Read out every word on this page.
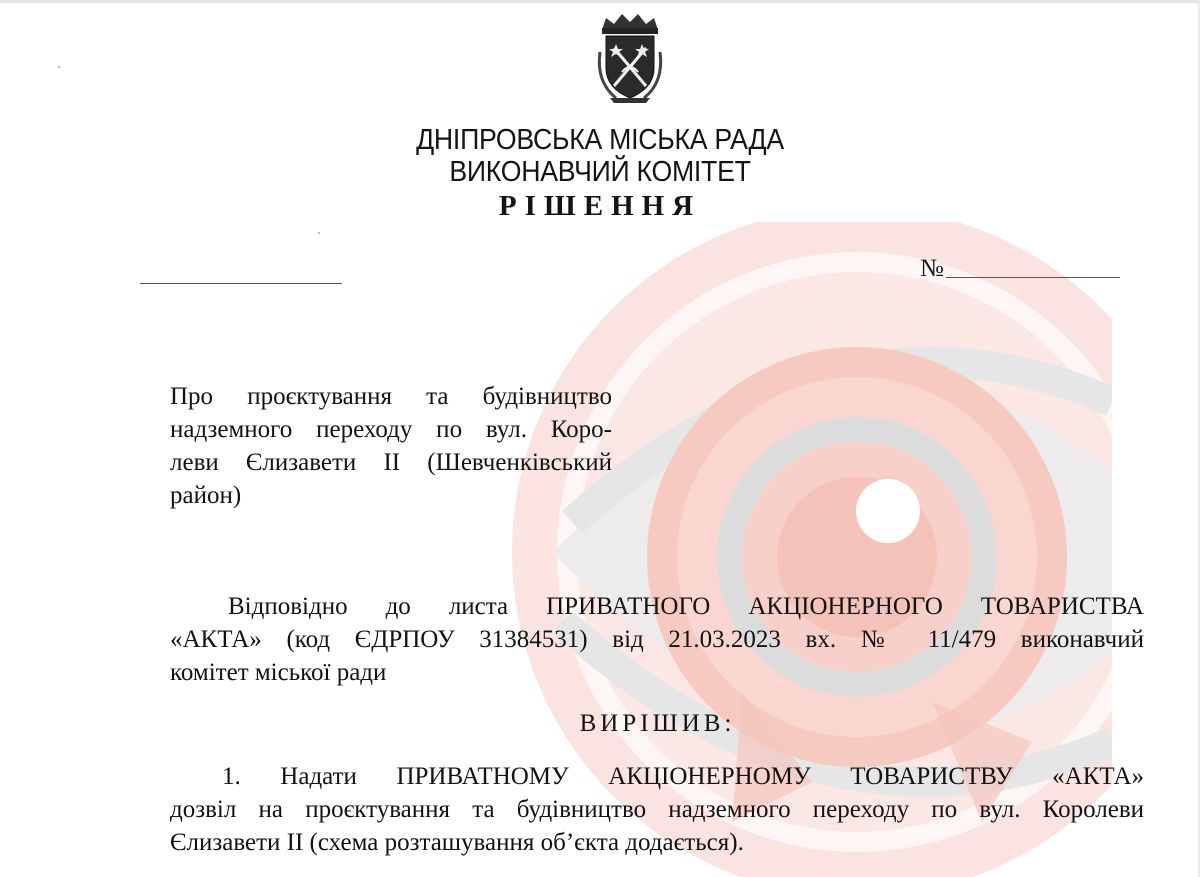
ДНІПРОВСЬКА МІСЬКА РАДА
ВИКОНАВЧИЙ КОМІТЕТ
РІШЕННЯ
№
Про проєктування та будівництво
надземного переходу по вул. Коро-
леви Єлизавети ІІ (Шевченківський
район)
Відповідно до листа ПРИВАТНОГО АКЦІОНЕРНОГО ТОВАРИСТВА
«АКТА» (код ЄДРПОУ 31384531) від 21.03.2023 вх. № 11/479 виконавчий
комітет міської ради
ВИРІШИВ:
1. Надати ПРИВАТНОМУ АКЦІОНЕРНОМУ ТОВАРИСТВУ «АКТА»
дозвіл на проєктування та будівництво надземного переходу по вул. Королеви
Єлизавети ІІ (схема розташування об’єкта додається).
